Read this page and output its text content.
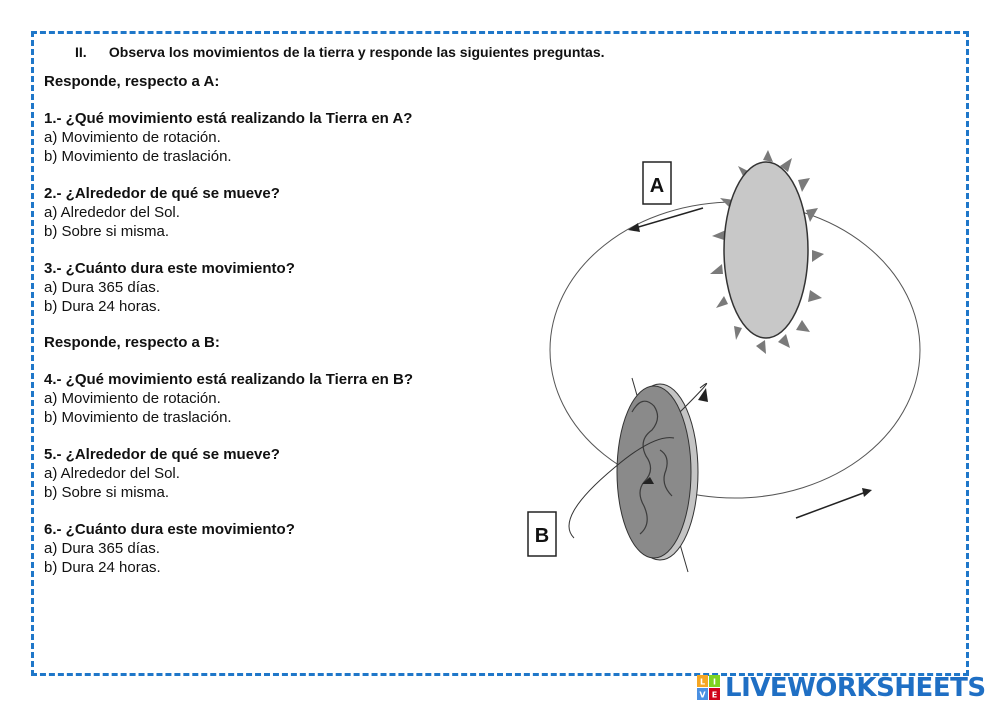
II. Observa los movimientos de la tierra y responde las siguientes preguntas.
Responde, respecto a A:
1.- ¿Qué movimiento está realizando la Tierra en A?
a) Movimiento de rotación.
b) Movimiento de traslación.
2.- ¿Alrededor de qué se mueve?
a) Alrededor del Sol.
b) Sobre si misma.
3.- ¿Cuánto dura este movimiento?
a) Dura 365 días.
b) Dura 24 horas.
Responde, respecto a B:
4.- ¿Qué movimiento está realizando la Tierra en B?
a) Movimiento de rotación.
b) Movimiento de traslación.
5.- ¿Alrededor de qué se mueve?
a) Alrededor del Sol.
b) Sobre si misma.
6.- ¿Cuánto dura este movimiento?
a) Dura 365 días.
b) Dura 24 horas.
A
B
L I
V E LIVEWORKSHEETS
